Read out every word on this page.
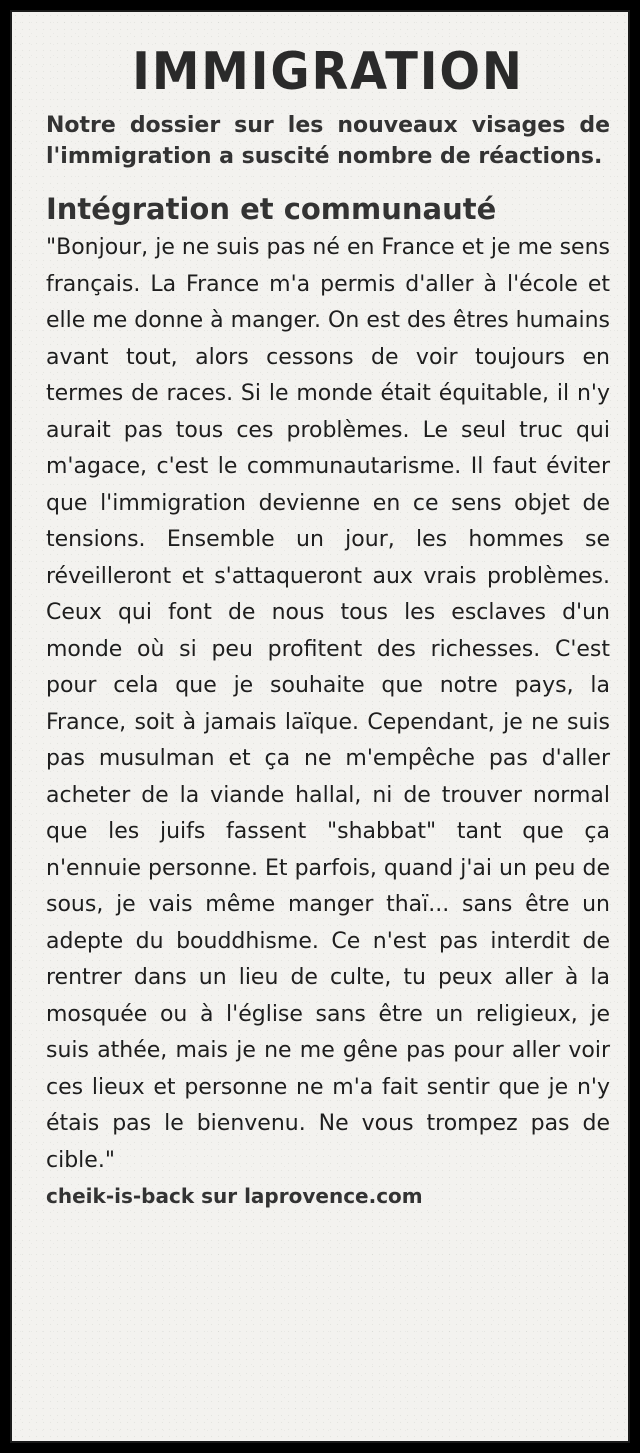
IMMIGRATION

Notre dossier sur les nouveaux visages de l'immigration a suscité nombre de réactions.

Intégration et communauté

"Bonjour, je ne suis pas né en France et je me sens français. La France m'a permis d'aller à l'école et elle me donne à manger. On est des êtres humains avant tout, alors cessons de voir toujours en termes de races. Si le monde était équitable, il n'y aurait pas tous ces problèmes. Le seul truc qui m'agace, c'est le communautarisme. Il faut éviter que l'immigration devienne en ce sens objet de tensions. Ensemble un jour, les hommes se réveilleront et s'attaqueront aux vrais problèmes. Ceux qui font de nous tous les esclaves d'un monde où si peu profitent des richesses. C'est pour cela que je souhaite que notre pays, la France, soit à jamais laïque. Cependant, je ne suis pas musulman et ça ne m'empêche pas d'aller acheter de la viande hallal, ni de trouver normal que les juifs fassent "shabbat" tant que ça n'ennuie personne. Et parfois, quand j'ai un peu de sous, je vais même manger thaï... sans être un adepte du bouddhisme. Ce n'est pas interdit de rentrer dans un lieu de culte, tu peux aller à la mosquée ou à l'église sans être un religieux, je suis athée, mais je ne me gêne pas pour aller voir ces lieux et personne ne m'a fait sentir que je n'y étais pas le bienvenu. Ne vous trompez pas de cible."

cheik-is-back sur laprovence.com
